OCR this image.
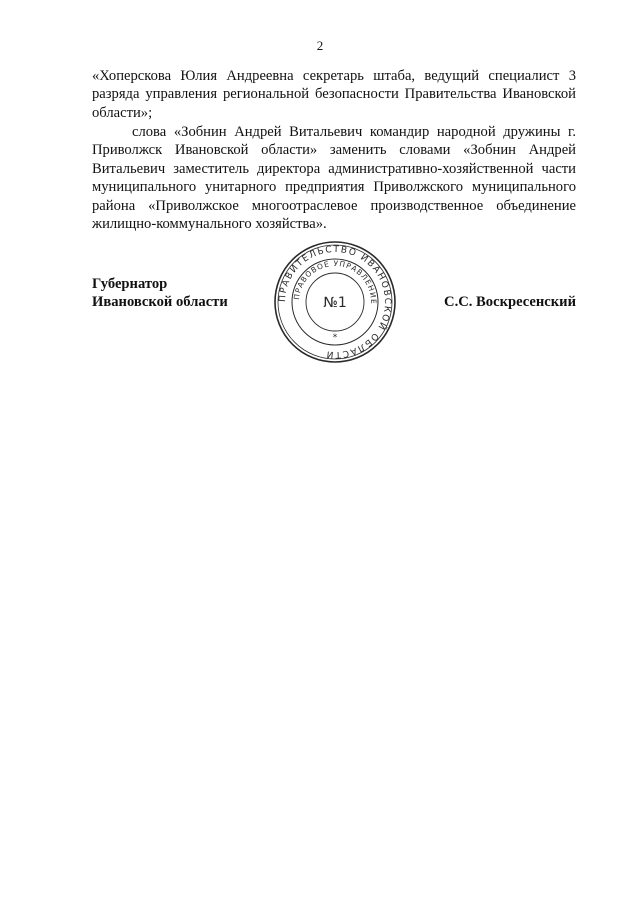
2
«Хоперскова Юлия Андреевна секретарь штаба, ведущий специалист 3 разряда управления региональной безопасности Правительства Ивановской области»;
слова «Зобнин Андрей Витальевич командир народной дружины г. Приволжск Ивановской области» заменить словами «Зобнин Андрей Витальевич заместитель директора административно-хозяйственной части муниципального унитарного предприятия Приволжского муниципального района «Приволжское многоотраслевое производственное объединение жилищно-коммунального хозяйства».
Губернатор
Ивановской области	ПРАВИТЕЛЬСТВО ИВАНОВСКОЙ ОБЛАСТИ
ПРАВОВОЕ УПРАВЛЕНИЕ
№1
*
С.С. Воскресенский
